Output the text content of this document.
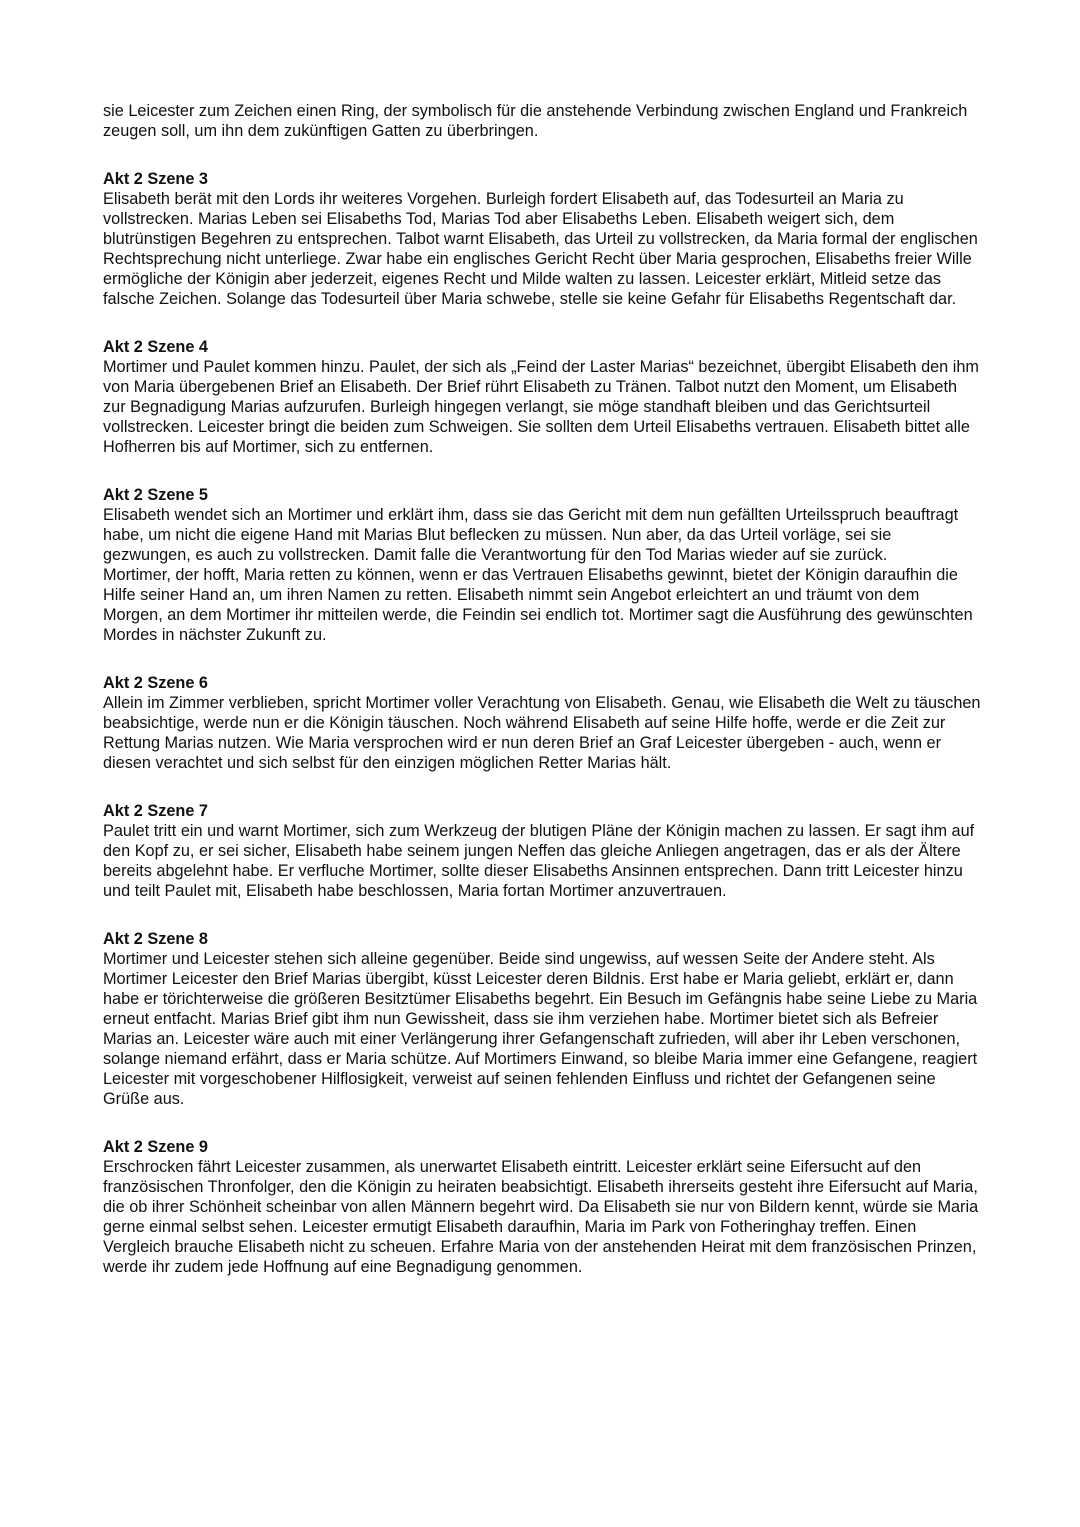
sie Leicester zum Zeichen einen Ring, der symbolisch für die anstehende Verbindung zwischen England und Frankreich zeugen soll, um ihn dem zukünftigen Gatten zu überbringen.

Akt 2 Szene 3

Elisabeth berät mit den Lords ihr weiteres Vorgehen. Burleigh fordert Elisabeth auf, das Todesurteil an Maria zu vollstrecken. Marias Leben sei Elisabeths Tod, Marias Tod aber Elisabeths Leben. Elisabeth weigert sich, dem blutrünstigen Begehren zu entsprechen. Talbot warnt Elisabeth, das Urteil zu vollstrecken, da Maria formal der englischen Rechtsprechung nicht unterliege. Zwar habe ein englisches Gericht Recht über Maria gesprochen, Elisabeths freier Wille ermögliche der Königin aber jederzeit, eigenes Recht und Milde walten zu lassen. Leicester erklärt, Mitleid setze das falsche Zeichen. Solange das Todesurteil über Maria schwebe, stelle sie keine Gefahr für Elisabeths Regentschaft dar.

Akt 2 Szene 4

Mortimer und Paulet kommen hinzu. Paulet, der sich als „Feind der Laster Marias“ bezeichnet, übergibt Elisabeth den ihm von Maria übergebenen Brief an Elisabeth. Der Brief rührt Elisabeth zu Tränen. Talbot nutzt den Moment, um Elisabeth zur Begnadigung Marias aufzurufen. Burleigh hingegen verlangt, sie möge standhaft bleiben und das Gerichtsurteil vollstrecken. Leicester bringt die beiden zum Schweigen. Sie sollten dem Urteil Elisabeths vertrauen. Elisabeth bittet alle Hofherren bis auf Mortimer, sich zu entfernen.

Akt 2 Szene 5

Elisabeth wendet sich an Mortimer und erklärt ihm, dass sie das Gericht mit dem nun gefällten Urteilsspruch beauftragt habe, um nicht die eigene Hand mit Marias Blut beflecken zu müssen. Nun aber, da das Urteil vorläge, sei sie gezwungen, es auch zu vollstrecken. Damit falle die Verantwortung für den Tod Marias wieder auf sie zurück.

Mortimer, der hofft, Maria retten zu können, wenn er das Vertrauen Elisabeths gewinnt, bietet der Königin daraufhin die Hilfe seiner Hand an, um ihren Namen zu retten. Elisabeth nimmt sein Angebot erleichtert an und träumt von dem Morgen, an dem Mortimer ihr mitteilen werde, die Feindin sei endlich tot. Mortimer sagt die Ausführung des gewünschten Mordes in nächster Zukunft zu.

Akt 2 Szene 6

Allein im Zimmer verblieben, spricht Mortimer voller Verachtung von Elisabeth. Genau, wie Elisabeth die Welt zu täuschen beabsichtige, werde nun er die Königin täuschen. Noch während Elisabeth auf seine Hilfe hoffe, werde er die Zeit zur Rettung Marias nutzen. Wie Maria versprochen wird er nun deren Brief an Graf Leicester übergeben - auch, wenn er diesen verachtet und sich selbst für den einzigen möglichen Retter Marias hält.

Akt 2 Szene 7

Paulet tritt ein und warnt Mortimer, sich zum Werkzeug der blutigen Pläne der Königin machen zu lassen. Er sagt ihm auf den Kopf zu, er sei sicher, Elisabeth habe seinem jungen Neffen das gleiche Anliegen angetragen, das er als der Ältere bereits abgelehnt habe. Er verfluche Mortimer, sollte dieser Elisabeths Ansinnen entsprechen. Dann tritt Leicester hinzu und teilt Paulet mit, Elisabeth habe beschlossen, Maria fortan Mortimer anzuvertrauen.

Akt 2 Szene 8

Mortimer und Leicester stehen sich alleine gegenüber. Beide sind ungewiss, auf wessen Seite der Andere steht. Als Mortimer Leicester den Brief Marias übergibt, küsst Leicester deren Bildnis. Erst habe er Maria geliebt, erklärt er, dann habe er törichterweise die größeren Besitztümer Elisabeths begehrt. Ein Besuch im Gefängnis habe seine Liebe zu Maria erneut entfacht. Marias Brief gibt ihm nun Gewissheit, dass sie ihm verziehen habe. Mortimer bietet sich als Befreier Marias an. Leicester wäre auch mit einer Verlängerung ihrer Gefangenschaft zufrieden, will aber ihr Leben verschonen, solange niemand erfährt, dass er Maria schütze. Auf Mortimers Einwand, so bleibe Maria immer eine Gefangene, reagiert Leicester mit vorgeschobener Hilflosigkeit, verweist auf seinen fehlenden Einfluss und richtet der Gefangenen seine Grüße aus.

Akt 2 Szene 9

Erschrocken fährt Leicester zusammen, als unerwartet Elisabeth eintritt. Leicester erklärt seine Eifersucht auf den französischen Thronfolger, den die Königin zu heiraten beabsichtigt. Elisabeth ihrerseits gesteht ihre Eifersucht auf Maria, die ob ihrer Schönheit scheinbar von allen Männern begehrt wird. Da Elisabeth sie nur von Bildern kennt, würde sie Maria gerne einmal selbst sehen. Leicester ermutigt Elisabeth daraufhin, Maria im Park von Fotheringhay treffen. Einen Vergleich brauche Elisabeth nicht zu scheuen. Erfahre Maria von der anstehenden Heirat mit dem französischen Prinzen, werde ihr zudem jede Hoffnung auf eine Begnadigung genommen.
